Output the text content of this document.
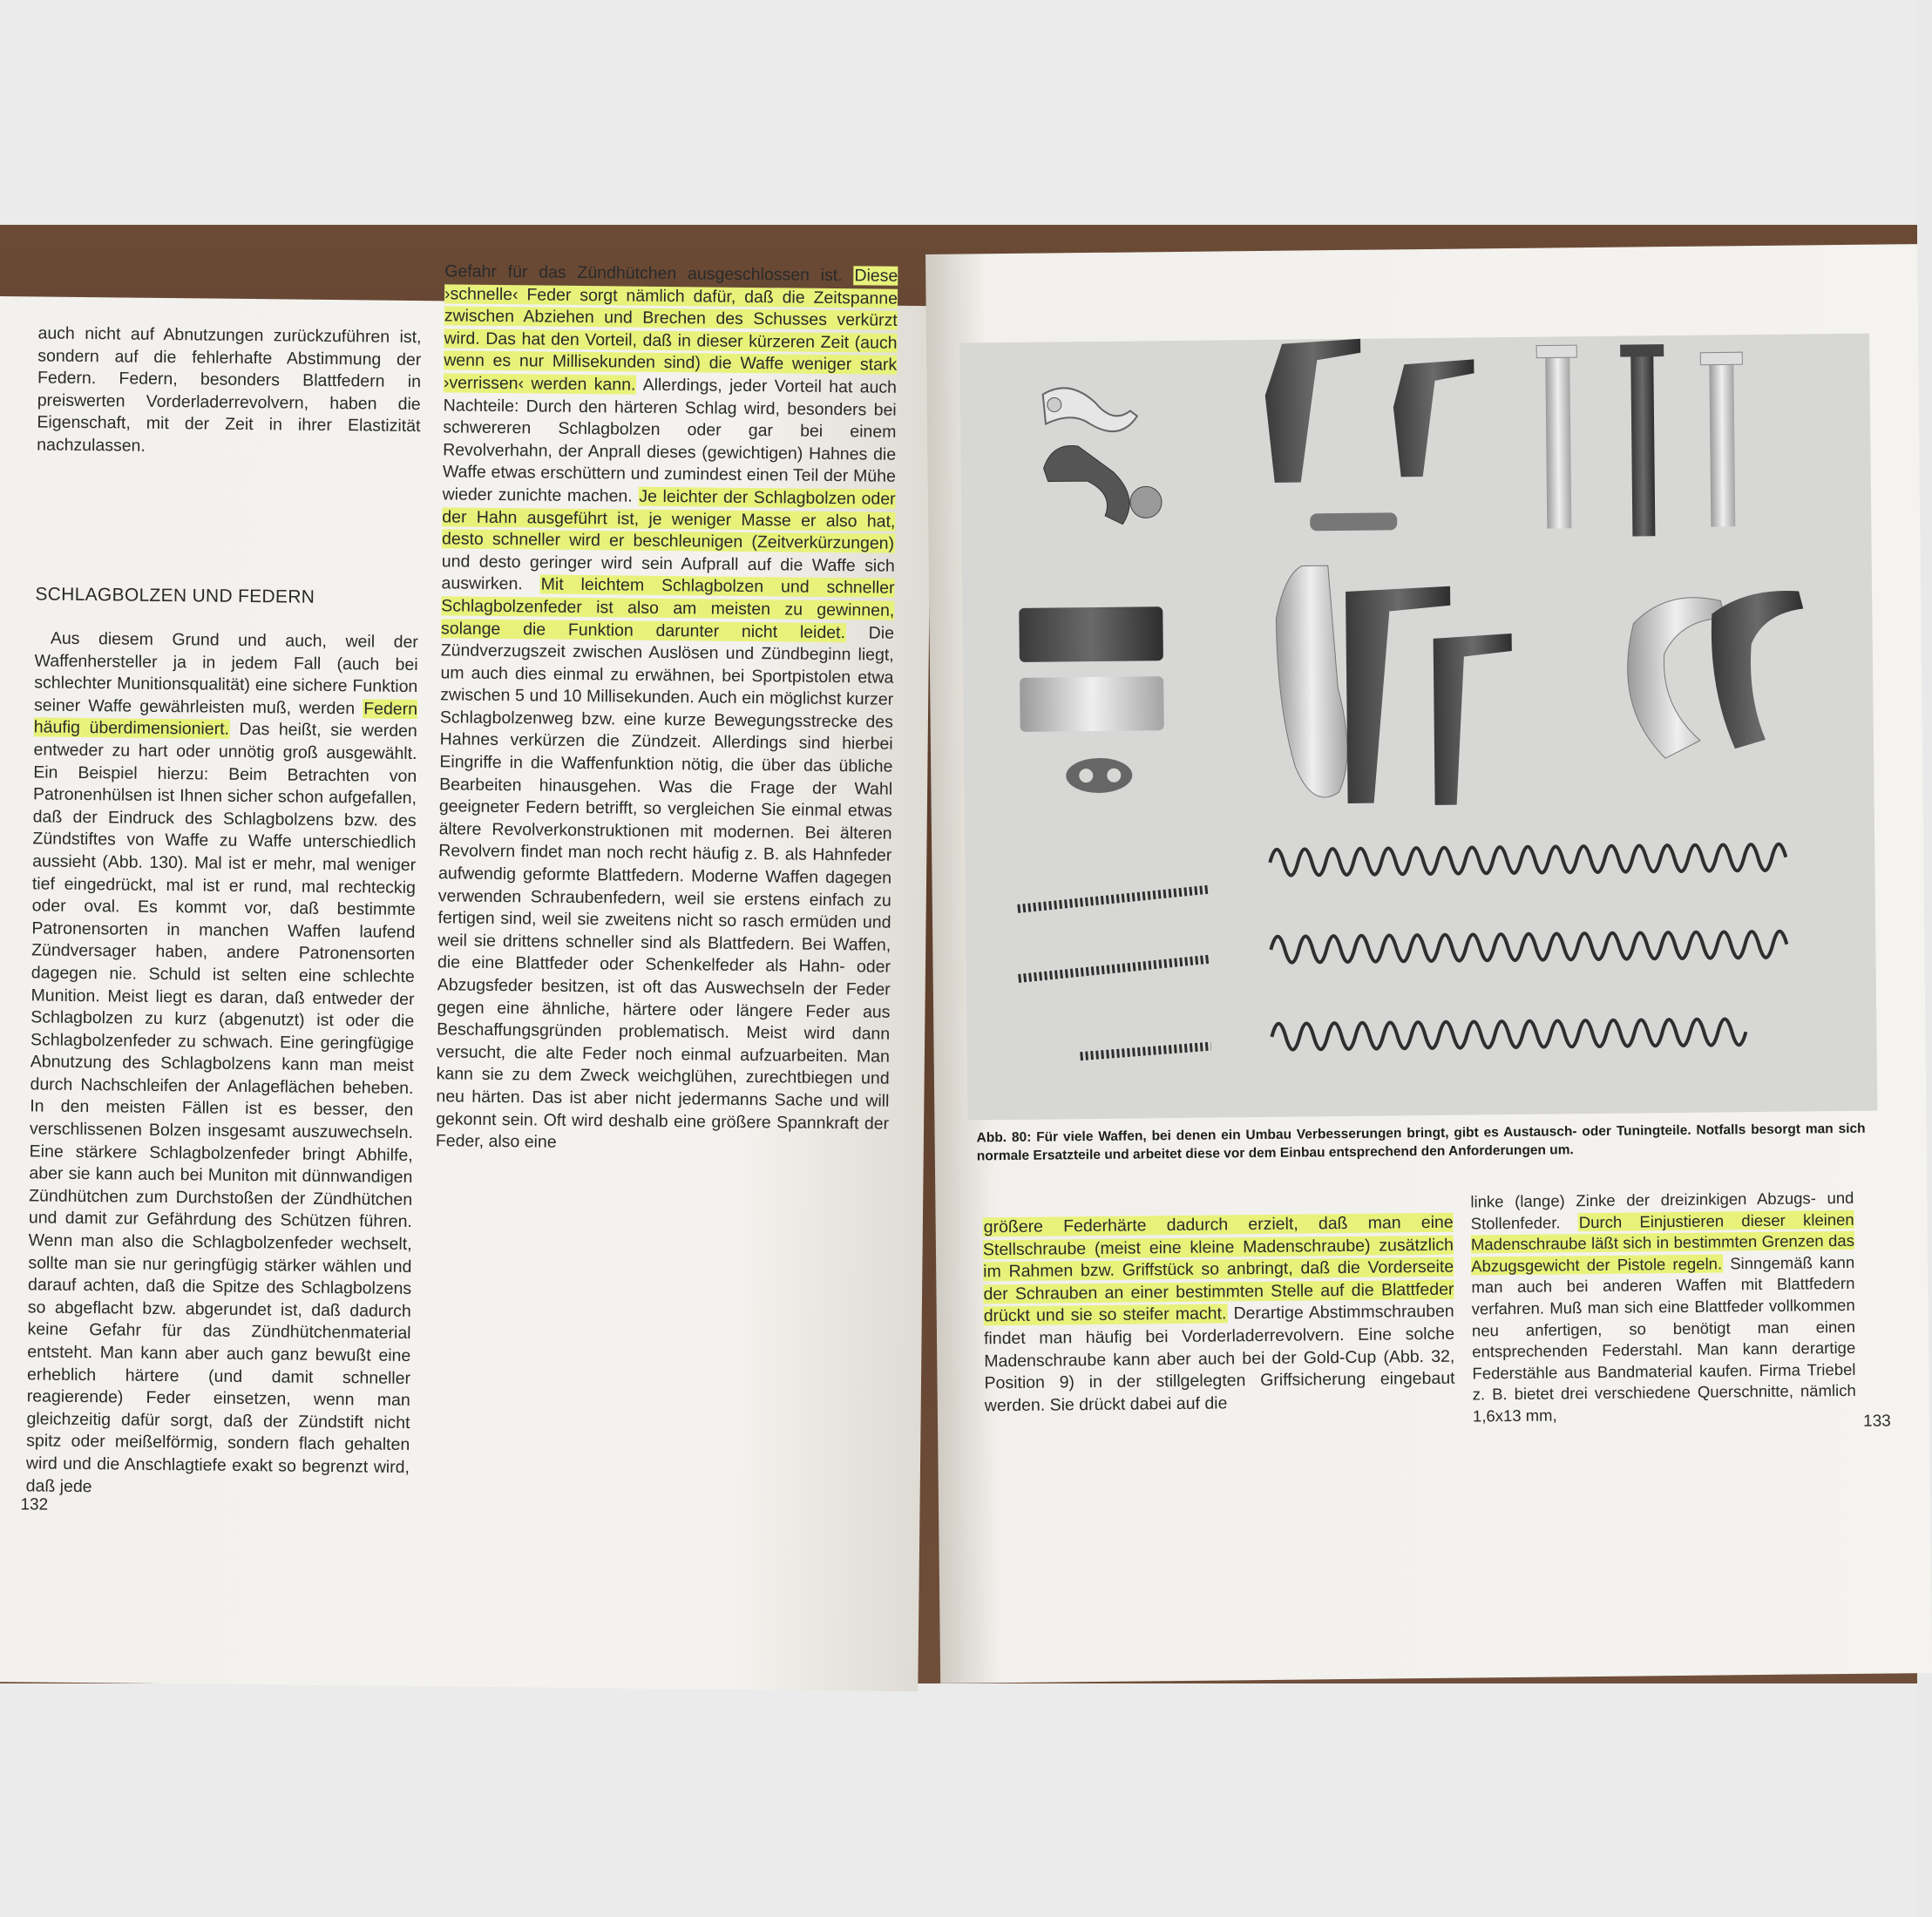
auch nicht auf Abnutzungen zurückzuführen ist, sondern auf die fehlerhafte Abstimmung der Federn. Federn, besonders Blattfedern in preiswerten Vorderladerrevolvern, haben die Eigenschaft, mit der Zeit in ihrer Elastizität nachzulassen.

SCHLAGBOLZEN UND FEDERN

Aus diesem Grund und auch, weil der Waffenhersteller ja in jedem Fall (auch bei schlechter Munitionsqualität) eine sichere Funktion seiner Waffe gewährleisten muß, werden Federn häufig überdimensioniert. Das heißt, sie werden entweder zu hart oder unnötig groß ausgewählt. Ein Beispiel hierzu: Beim Betrachten von Patronenhülsen ist Ihnen sicher schon aufgefallen, daß der Eindruck des Schlagbolzens bzw. des Zündstiftes von Waffe zu Waffe unterschiedlich aussieht (Abb. 130). Mal ist er mehr, mal weniger tief eingedrückt, mal ist er rund, mal rechteckig oder oval. Es kommt vor, daß bestimmte Patronensorten in manchen Waffen laufend Zündversager haben, andere Patronensorten dagegen nie. Schuld ist selten eine schlechte Munition. Meist liegt es daran, daß entweder der Schlagbolzen zu kurz (abgenutzt) ist oder die Schlagbolzenfeder zu schwach. Eine geringfügige Abnutzung des Schlagbolzens kann man meist durch Nachschleifen der Anlageflächen beheben. In den meisten Fällen ist es besser, den verschlissenen Bolzen insgesamt auszuwechseln. Eine stärkere Schlagbolzenfeder bringt Abhilfe, aber sie kann auch bei Muniton mit dünnwandigen Zündhütchen zum Durchstoßen der Zündhütchen und damit zur Gefährdung des Schützen führen. Wenn man also die Schlagbolzenfeder wechselt, sollte man sie nur geringfügig stärker wählen und darauf achten, daß die Spitze des Schlagbolzens so abgeflacht bzw. abgerundet ist, daß dadurch keine Gefahr für das Zündhütchenmaterial entsteht. Man kann aber auch ganz bewußt eine erheblich härtere (und damit schneller reagierende) Feder einsetzen, wenn man gleichzeitig dafür sorgt, daß der Zündstift nicht spitz oder meißelförmig, sondern flach gehalten wird und die Anschlagtiefe exakt so begrenzt wird, daß jede

Gefahr für das Zündhütchen ausgeschlossen ist. Diese ›schnelle‹ Feder sorgt nämlich dafür, daß die Zeitspanne zwischen Abziehen und Brechen des Schusses verkürzt wird. Das hat den Vorteil, daß in dieser kürzeren Zeit (auch wenn es nur Millisekunden sind) die Waffe weniger stark ›verrissen‹ werden kann. Allerdings, jeder Vorteil hat auch Nachteile: Durch den härteren Schlag wird, besonders bei schwereren Schlagbolzen oder gar bei einem Revolverhahn, der Anprall dieses (gewichtigen) Hahnes die Waffe etwas erschüttern und zumindest einen Teil der Mühe wieder zunichte machen. Je leichter der Schlagbolzen oder der Hahn ausgeführt ist, je weniger Masse er also hat, desto schneller wird er beschleunigen (Zeitverkürzungen) und desto geringer wird sein Aufprall auf die Waffe sich auswirken. Mit leichtem Schlagbolzen und schneller Schlagbolzenfeder ist also am meisten zu gewinnen, solange die Funktion darunter nicht leidet. Die Zündverzugszeit zwischen Auslösen und Zündbeginn liegt, um auch dies einmal zu erwähnen, bei Sportpistolen etwa zwischen 5 und 10 Millisekunden. Auch ein möglichst kurzer Schlagbolzenweg bzw. eine kurze Bewegungsstrecke des Hahnes verkürzen die Zündzeit. Allerdings sind hierbei Eingriffe in die Waffenfunktion nötig, die über das übliche Bearbeiten hinausgehen. Was die Frage der Wahl geeigneter Federn betrifft, so vergleichen Sie einmal etwas ältere Revolverkonstruktionen mit modernen. Bei älteren Revolvern findet man noch recht häufig z. B. als Hahnfeder aufwendig geformte Blattfedern. Moderne Waffen dagegen verwenden Schraubenfedern, weil sie erstens einfach zu fertigen sind, weil sie zweitens nicht so rasch ermüden und weil sie drittens schneller sind als Blattfedern. Bei Waffen, die eine Blattfeder oder Schenkelfeder als Hahn- oder Abzugsfeder besitzen, ist oft das Auswechseln der Feder gegen eine ähnliche, härtere oder längere Feder aus Beschaffungsgründen problematisch. Meist wird dann versucht, die alte Feder noch einmal aufzuarbeiten. Man kann sie zu dem Zweck weichglühen, zurechtbiegen und neu härten. Das ist aber nicht jedermanns Sache und will gekonnt sein. Oft wird deshalb eine größere Spannkraft der Feder, also eine

132
Abb. 80: Für viele Waffen, bei denen ein Umbau Verbesserungen bringt, gibt es Austausch- oder Tuningteile. Notfalls besorgt man sich normale Ersatzteile und arbeitet diese vor dem Einbau entsprechend den Anforderungen um.

größere Federhärte dadurch erzielt, daß man eine Stellschraube (meist eine kleine Madenschraube) zusätzlich im Rahmen bzw. Griffstück so anbringt, daß die Vorderseite der Schrauben an einer bestimmten Stelle auf die Blattfeder drückt und sie so steifer macht. Derartige Abstimmschrauben findet man häufig bei Vorderladerrevolvern. Eine solche Madenschraube kann aber auch bei der Gold-Cup (Abb. 32, Position 9) in der stillgelegten Griffsicherung eingebaut werden. Sie drückt dabei auf die

linke (lange) Zinke der dreizinkigen Abzugs- und Stollenfeder. Durch Einjustieren dieser kleinen Madenschraube läßt sich in bestimmten Grenzen das Abzugsgewicht der Pistole regeln. Sinngemäß kann man auch bei anderen Waffen mit Blattfedern verfahren. Muß man sich eine Blattfeder vollkommen neu anfertigen, so benötigt man einen entsprechenden Federstahl. Man kann derartige Federstähle aus Bandmaterial kaufen. Firma Triebel z. B. bietet drei verschiedene Querschnitte, nämlich 1,6x13 mm,	133
